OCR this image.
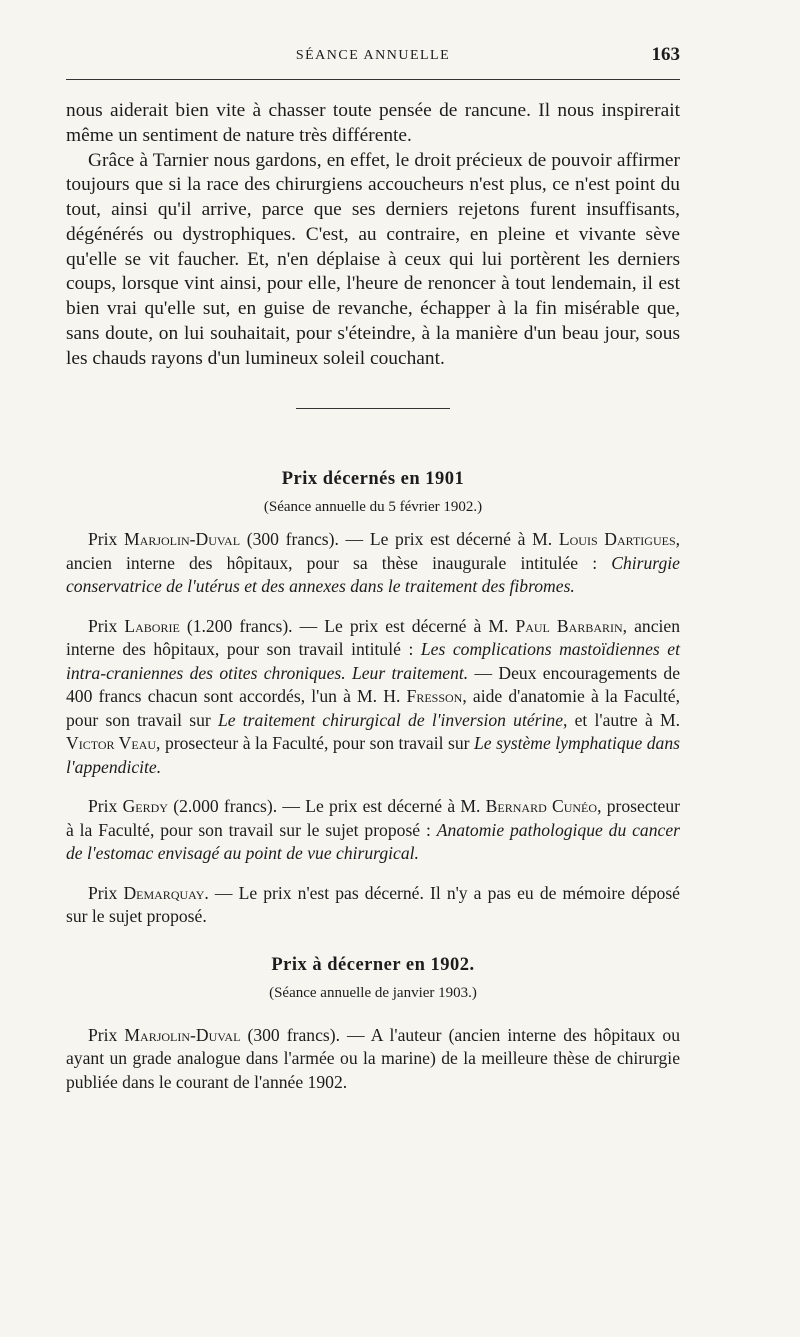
SÉANCE ANNUELLE	163

nous aiderait bien vite à chasser toute pensée de rancune. Il nous inspirerait même un sentiment de nature très différente.

Grâce à Tarnier nous gardons, en effet, le droit précieux de pouvoir affirmer toujours que si la race des chirurgiens accoucheurs n'est plus, ce n'est point du tout, ainsi qu'il arrive, parce que ses derniers rejetons furent insuffisants, dégénérés ou dystrophiques. C'est, au contraire, en pleine et vivante sève qu'elle se vit faucher. Et, n'en déplaise à ceux qui lui portèrent les derniers coups, lorsque vint ainsi, pour elle, l'heure de renoncer à tout lendemain, il est bien vrai qu'elle sut, en guise de revanche, échapper à la fin misérable que, sans doute, on lui souhaitait, pour s'éteindre, à la manière d'un beau jour, sous les chauds rayons d'un lumineux soleil couchant.

Prix décernés en 1901
(Séance annuelle du 5 février 1902.)

Prix Marjolin-Duval (300 francs). — Le prix est décerné à M. Louis Dartigues, ancien interne des hôpitaux, pour sa thèse inaugurale intitulée : Chirurgie conservatrice de l'utérus et des annexes dans le traitement des fibromes.

Prix Laborie (1.200 francs). — Le prix est décerné à M. Paul Barbarin, ancien interne des hôpitaux, pour son travail intitulé : Les complications mastoïdiennes et intra-craniennes des otites chroniques. Leur traitement. — Deux encouragements de 400 francs chacun sont accordés, l'un à M. H. Fresson, aide d'anatomie à la Faculté, pour son travail sur Le traitement chirurgical de l'inversion utérine, et l'autre à M. Victor Veau, prosecteur à la Faculté, pour son travail sur Le système lymphatique dans l'appendicite.

Prix Gerdy (2.000 francs). — Le prix est décerné à M. Bernard Cunéo, prosecteur à la Faculté, pour son travail sur le sujet proposé : Anatomie pathologique du cancer de l'estomac envisagé au point de vue chirurgical.

Prix Demarquay. — Le prix n'est pas décerné. Il n'y a pas eu de mémoire déposé sur le sujet proposé.

Prix à décerner en 1902.
(Séance annuelle de janvier 1903.)

Prix Marjolin-Duval (300 francs). — A l'auteur (ancien interne des hôpitaux ou ayant un grade analogue dans l'armée ou la marine) de la meilleure thèse de chirurgie publiée dans le courant de l'année 1902.
